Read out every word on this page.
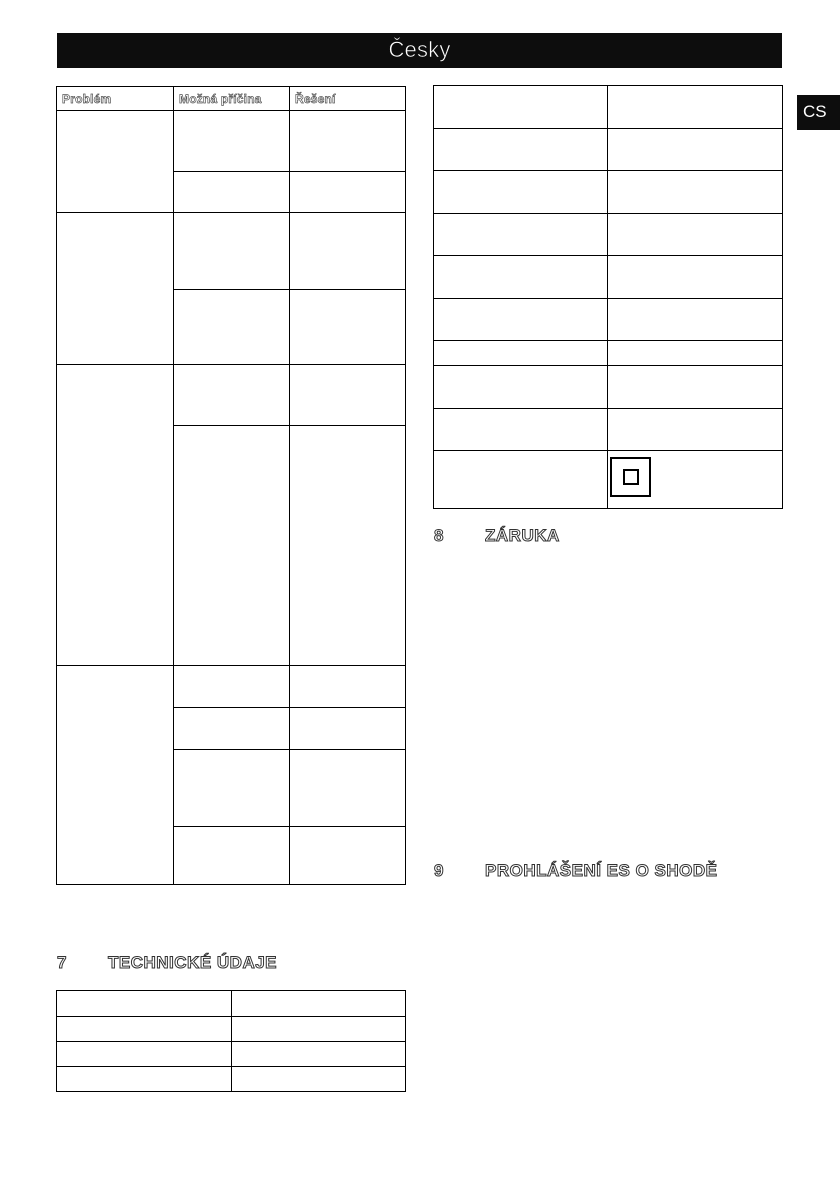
Česky
CS
Problém	Možná příčina	Řešení
7 TECHNICKÉ ÚDAJE
8 ZÁRUKA
9 PROHLÁŠENÍ ES O SHODĚ
